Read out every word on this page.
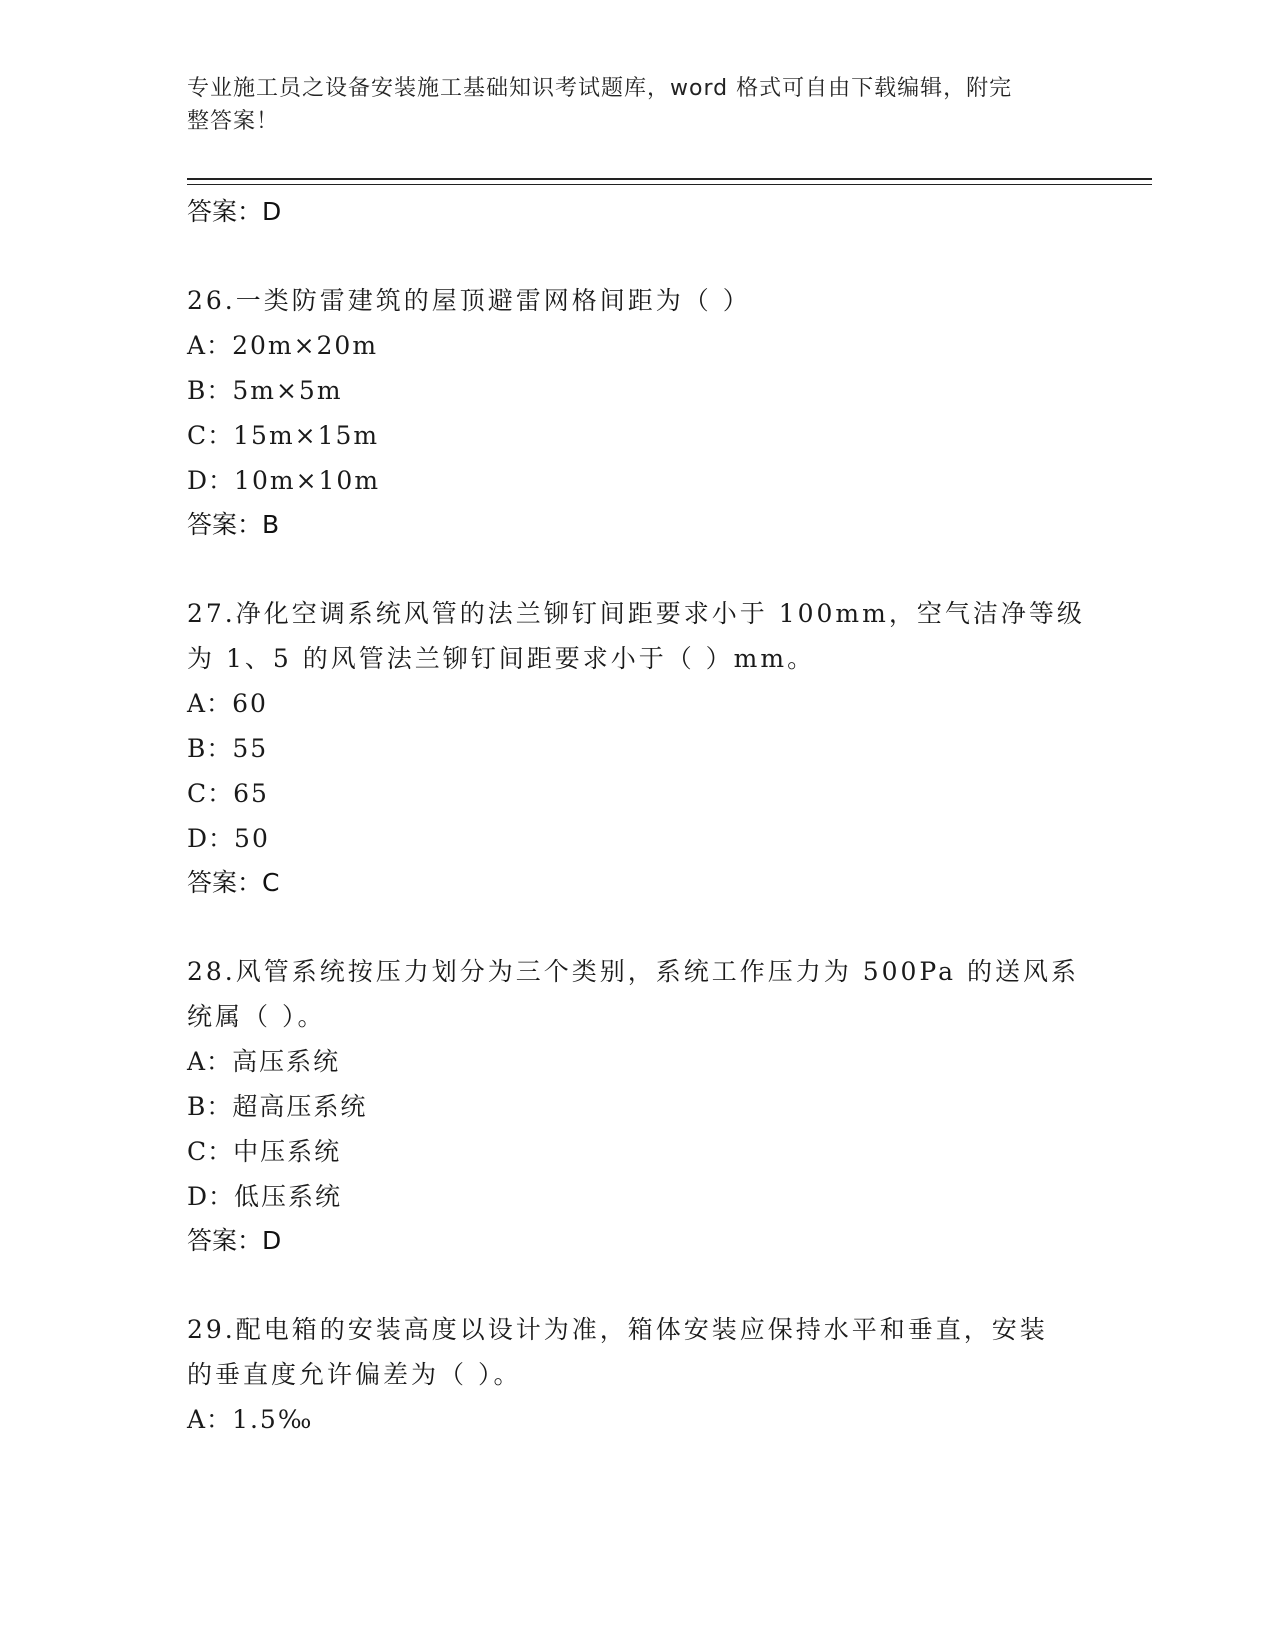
专业施工员之设备安装施工基础知识考试题库，word 格式可自由下载编辑，附完
整答案！
答案：D
26.一类防雷建筑的屋顶避雷网格间距为（ ）
A：20m×20m
B：5m×5m
C：15m×15m
D：10m×10m
答案：B
27.净化空调系统风管的法兰铆钉间距要求小于 100mm，空气洁净等级
为 1、5 的风管法兰铆钉间距要求小于（ ）mm。
A：60
B：55
C：65
D：50
答案：C
28.风管系统按压力划分为三个类别，系统工作压力为 500Pa 的送风系
统属（ ）。
A：高压系统
B：超高压系统
C：中压系统
D：低压系统
答案：D
29.配电箱的安装高度以设计为准，箱体安装应保持水平和垂直，安装
的垂直度允许偏差为（ ）。
A：1.5‰
